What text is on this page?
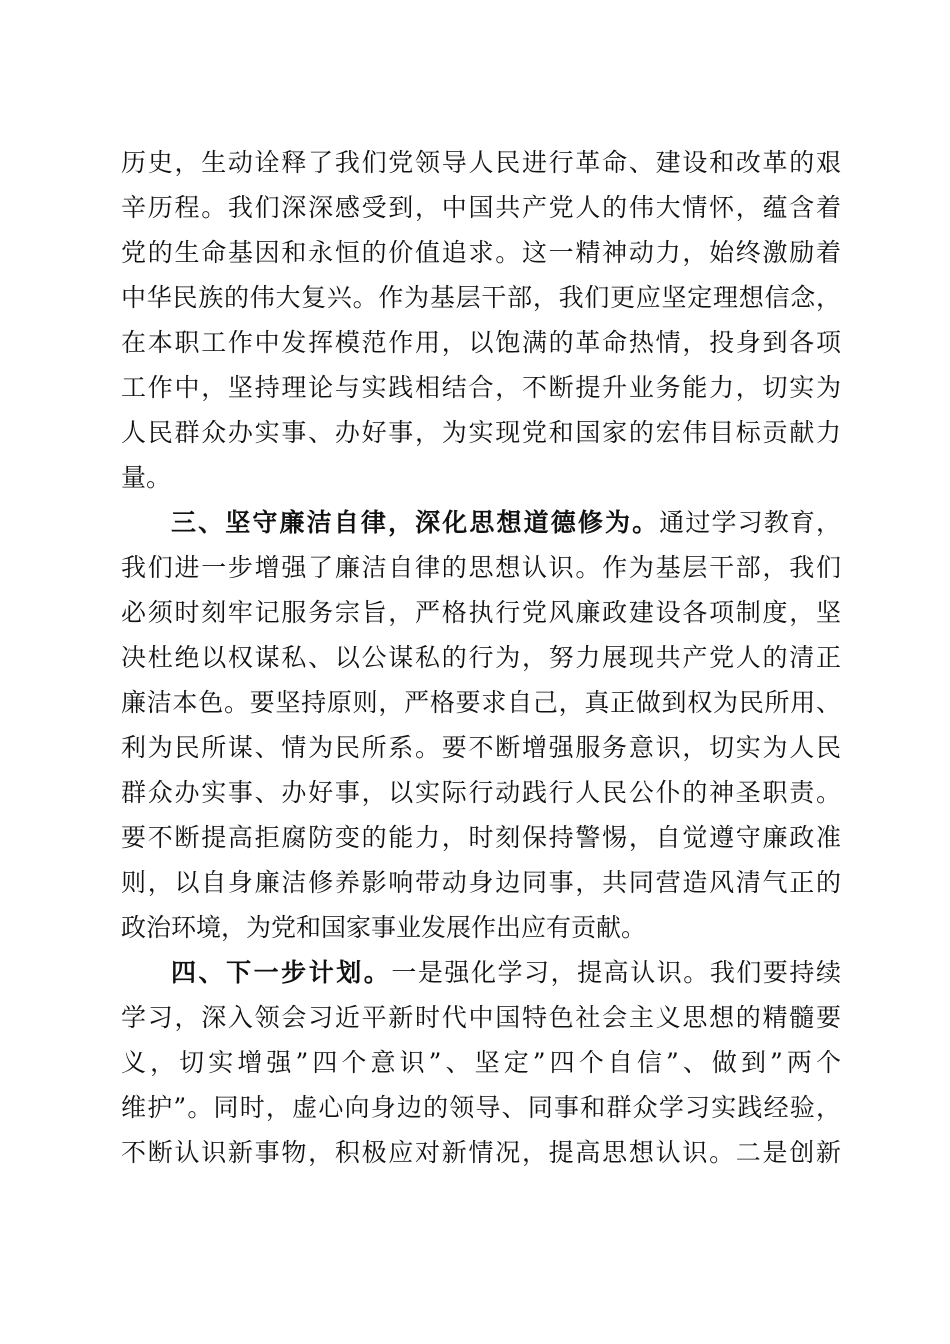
历史，生动诠释了我们党领导人民进行革命、建设和改革的艰
辛历程。我们深深感受到，中国共产党人的伟大情怀，蕴含着
党的生命基因和永恒的价值追求。这一精神动力，始终激励着
中华民族的伟大复兴。作为基层干部，我们更应坚定理想信念，
在本职工作中发挥模范作用，以饱满的革命热情，投身到各项
工作中，坚持理论与实践相结合，不断提升业务能力，切实为
人民群众办实事、办好事，为实现党和国家的宏伟目标贡献力
量。
三、坚守廉洁自律，深化思想道德修为。通过学习教育，
我们进一步增强了廉洁自律的思想认识。作为基层干部，我们
必须时刻牢记服务宗旨，严格执行党风廉政建设各项制度，坚
决杜绝以权谋私、以公谋私的行为，努力展现共产党人的清正
廉洁本色。要坚持原则，严格要求自己，真正做到权为民所用、
利为民所谋、情为民所系。要不断增强服务意识，切实为人民
群众办实事、办好事，以实际行动践行人民公仆的神圣职责。
要不断提高拒腐防变的能力，时刻保持警惕，自觉遵守廉政准
则，以自身廉洁修养影响带动身边同事，共同营造风清气正的
政治环境，为党和国家事业发展作出应有贡献。
四、下一步计划。一是强化学习，提高认识。我们要持续
学习，深入领会习近平新时代中国特色社会主义思想的精髓要
义，切实增强”四个意识”、坚定”四个自信”、做到”两个
维护”。同时，虚心向身边的领导、同事和群众学习实践经验，
不断认识新事物，积极应对新情况，提高思想认识。二是创新
